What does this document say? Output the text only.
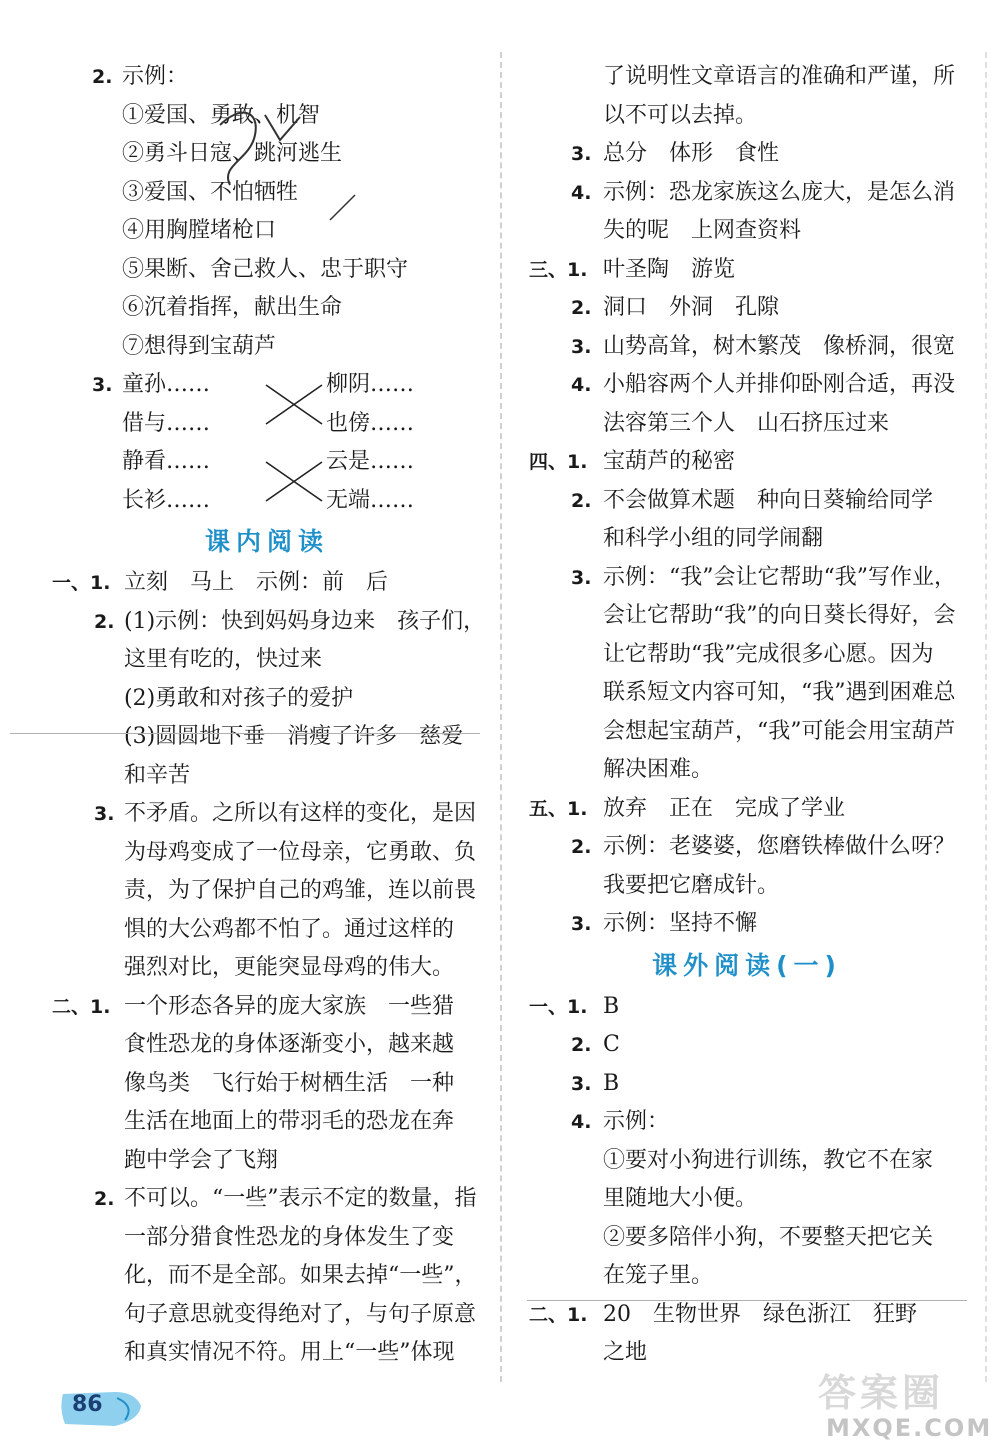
2. 示例：
①爱国、勇敢、机智
②勇斗日寇、跳河逃生
③爱国、不怕牺牲
④用胸膛堵枪口
⑤果断、舍己救人、忠于职守
⑥沉着指挥，献出生命
⑦想得到宝葫芦
3. 童孙……
借与……
静看……
长衫……
柳阴……
也傍……
云是……
无端……
课内阅读
一、1. 立刻　马上　示例：前　后
2. (1)示例：快到妈妈身边来　孩子们，
这里有吃的，快过来
(2)勇敢和对孩子的爱护
(3)圆圆地下垂　消瘦了许多　慈爱
和辛苦
3. 不矛盾。之所以有这样的变化，是因
为母鸡变成了一位母亲，它勇敢、负
责，为了保护自己的鸡雏，连以前畏
惧的大公鸡都不怕了。通过这样的
强烈对比，更能突显母鸡的伟大。
二、1. 一个形态各异的庞大家族　一些猎
食性恐龙的身体逐渐变小，越来越
像鸟类　飞行始于树栖生活　一种
生活在地面上的带羽毛的恐龙在奔
跑中学会了飞翔
2. 不可以。“一些”表示不定的数量，指
一部分猎食性恐龙的身体发生了变
化，而不是全部。如果去掉“一些”，
句子意思就变得绝对了，与句子原意
和真实情况不符。用上“一些”体现
了说明性文章语言的准确和严谨，所
以不可以去掉。
3. 总分　体形　食性
4. 示例：恐龙家族这么庞大，是怎么消
失的呢　上网查资料
三、1. 叶圣陶　游览
2. 洞口　外洞　孔隙
3. 山势高耸，树木繁茂　像桥洞，很宽
4. 小船容两个人并排仰卧刚合适，再没
法容第三个人　山石挤压过来
四、1. 宝葫芦的秘密
2. 不会做算术题　种向日葵输给同学
和科学小组的同学闹翻
3. 示例：“我”会让它帮助“我”写作业，
会让它帮助“我”的向日葵长得好，会
让它帮助“我”完成很多心愿。因为
联系短文内容可知，“我”遇到困难总
会想起宝葫芦，“我”可能会用宝葫芦
解决困难。
五、1. 放弃　正在　完成了学业
2. 示例：老婆婆，您磨铁棒做什么呀？
我要把它磨成针。
3. 示例：坚持不懈
课外阅读(一)
一、1. B
2. C
3. B
4. 示例：
①要对小狗进行训练，教它不在家
里随地大小便。
②要多陪伴小狗，不要整天把它关
在笼子里。
二、1. 20　生物世界　绿色浙江　狂野
之地
86	答案圈
MXQE.COM
